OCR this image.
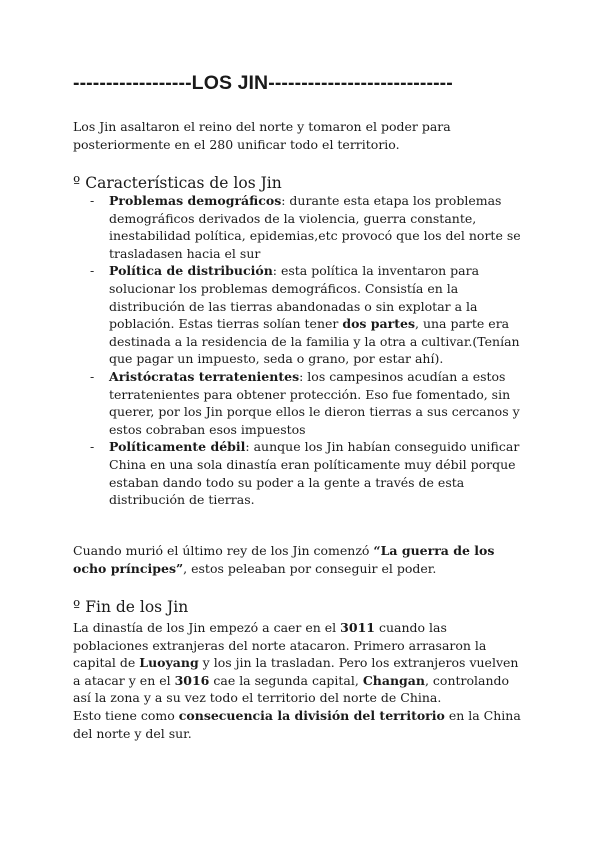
------------------LOS JIN----------------------------

Los Jin asaltaron el reino del norte y tomaron el poder para posteriormente en el 280 unificar todo el territorio.

º Características de los Jin
- Problemas demográficos: durante esta etapa los problemas demográficos derivados de la violencia, guerra constante, inestabilidad política, epidemias,etc provocó que los del norte se trasladasen hacia el sur
- Política de distribución: esta política la inventaron para solucionar los problemas demográficos. Consistía en la distribución de las tierras abandonadas o sin explotar a la población. Estas tierras solían tener dos partes, una parte era destinada a la residencia de la familia y la otra a cultivar.(Tenían que pagar un impuesto, seda o grano, por estar ahí).
- Aristócratas terratenientes: los campesinos acudían a estos terratenientes para obtener protección. Eso fue fomentado, sin querer, por los Jin porque ellos le dieron tierras a sus cercanos y estos cobraban esos impuestos
- Políticamente débil: aunque los Jin habían conseguido unificar China en una sola dinastía eran políticamente muy débil porque estaban dando todo su poder a la gente a través de esta distribución de tierras.

Cuando murió el último rey de los Jin comenzó “La guerra de los ocho príncipes”, estos peleaban por conseguir el poder.

º Fin de los Jin

La dinastía de los Jin empezó a caer en el 3011 cuando las poblaciones extranjeras del norte atacaron. Primero arrasaron la capital de Luoyang y los jin la trasladan. Pero los extranjeros vuelven a atacar y en el 3016 cae la segunda capital, Changan, controlando así la zona y a su vez todo el territorio del norte de China.
Esto tiene como consecuencia la división del territorio en la China del norte y del sur.
